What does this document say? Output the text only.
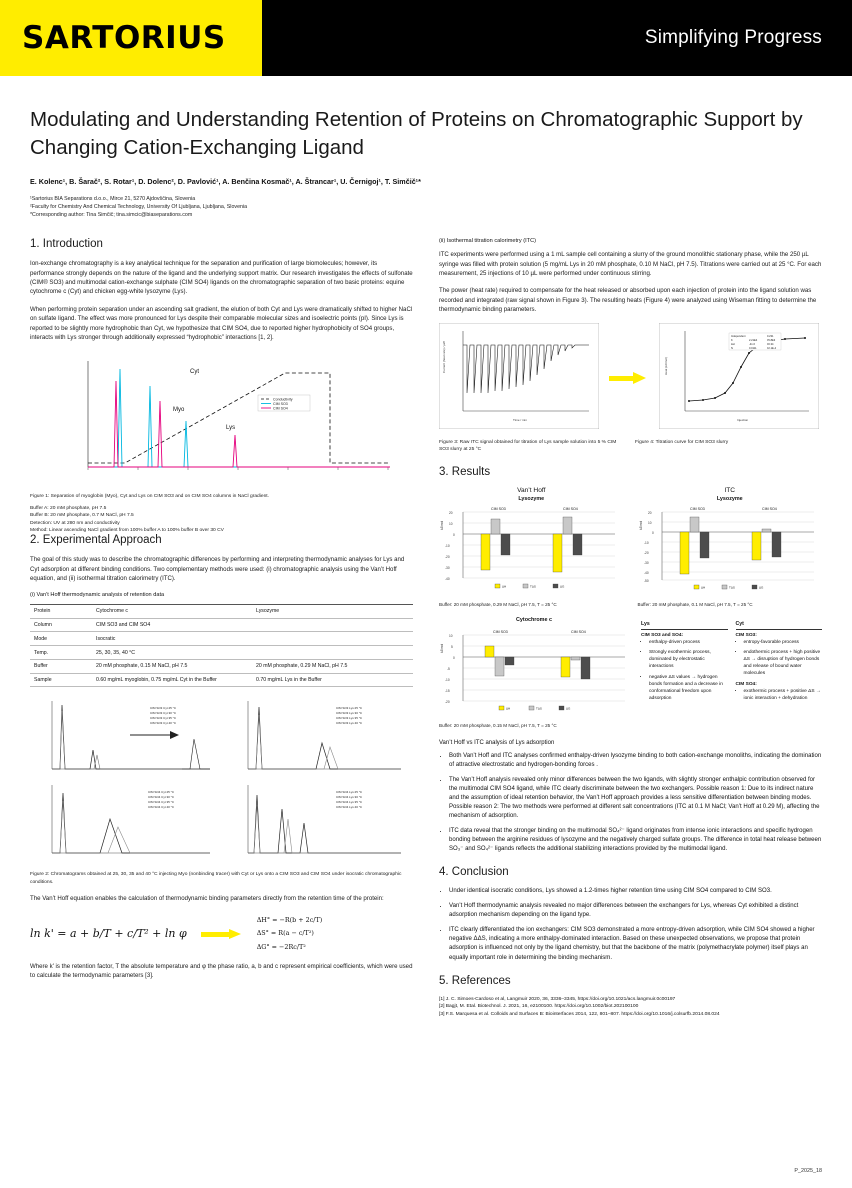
SARTORIUS	Simplifying Progress
Modulating and Understanding Retention of Proteins on Chromatographic Support by Changing Cation-Exchanging Ligand
E. Kolenc¹, B. Šarač², S. Rotar¹, D. Dolenc², D. Pavlović¹, A. Benčina Kosmač¹, A. Štrancar¹, U. Černigoj¹, T. Simčič¹*
¹Sartorius BIA Separations d.o.o., Mirce 21, 5270 Ajdovščina, Slovenia
²Faculty for Chemistry And Chemical Technology, University Of Ljubljana, Ljubljana, Slovenia
*Corresponding author: Tina Simčič; tina.simcic@biaseparations.com
1. Introduction

Ion-exchange chromatography is a key analytical technique for the separation and purification of large biomolecules; however, its performance strongly depends on the nature of the ligand and the underlying support matrix. Our research investigates the effects of sulfonate (CIM® SO3) and multimodal cation-exchange sulphate (CIM SO4) ligands on the chromatographic separation of two basic proteins: equine cytochrome c (Cyt) and chicken egg-white lysozyme (Lys).

When performing protein separation under an ascending salt gradient, the elution of both Cyt and Lys were dramatically shifted to higher NaCl on sulfate ligand. The effect was more pronounced for Lys despite their comparable molecular sizes and isoelectric points (pI). Since Lys is reported to be slightly more hydrophobic than Cyt, we hypothesize that CIM SO4, due to reported higher hydrophobicity of SO4 groups, interacts with Lys stronger through additionally expressed “hydrophobic” interactions [1, 2].

Myo
Cyt
Lys
Conductivity
CIM SO3
CIM SO4
Figure 1: Separation of myoglobin (Myo), Cyt and Lys on CIM SO3 and on CIM SO4 columns in NaCl gradient.
Buffer A: 20 mM phosphate, pH 7.5
Buffer B: 20 mM phosphate, 0.7 M NaCl, pH 7.5
Detection: UV at 280 nm and conductivity
Method: Linear ascending NaCl gradient from 100% buffer A to 100% buffer B over 30 CV
2. Experimental Approach

The goal of this study was to describe the chromatographic differences by performing and interpreting thermodynamic analyses for Lys and Cyt adsorption at different binding conditions. Two complementary methods were used: (i) chromatographic analysis using the Van’t Hoff equation, and (ii) isothermal titration calorimetry (ITC).

(i) Van’t Hoff thermodynamic analysis of retention data
Protein	Cytochrome c	Lysozyme
Column	CIM SO3 and CIM SO4	
Mode	Isocratic	
Temp.	25, 30, 35, 40 °C	
Buffer	20 mM phosphate, 0.15 M NaCl, pH 7.5	20 mM phosphate, 0.29 M NaCl, pH 7.5
Sample	0.60 mg/mL myoglobin, 0.75 mg/mL Cyt in the Buffer	0.70 mg/mL Lys in the Buffer
CIM SO3 Cyt 25 °C
CIM SO3 Cyt 30 °C
CIM SO3 Cyt 35 °C
CIM SO3 Cyt 40 °C
CIM SO3 Lys 25 °C
CIM SO3 Lys 30 °C
CIM SO3 Lys 35 °C
CIM SO3 Lys 40 °C
CIM SO4 Cyt 25 °C
CIM SO4 Cyt 30 °C
CIM SO4 Cyt 35 °C
CIM SO4 Cyt 40 °C
CIM SO4 Lys 25 °C
CIM SO4 Lys 30 °C
CIM SO4 Lys 35 °C
CIM SO4 Lys 40 °C
Figure 2: Chromatograms obtained at 25, 30, 35 and 40 °C injecting Myo (nonbinding tracer) with Cyt or Lys onto a CIM SO3 and CIM SO4 under isocratic chromatographic conditions.

The Van’t Hoff equation enables the calculation of thermodynamic binding parameters directly from the retention time of the protein:

ln k' = a + b/T + c/T² + ln φ
ΔH° = −R(b + 2c/T)
ΔS° = R(a − c/T²)
ΔG° = −2Rc/T²

Where k' is the retention factor, T the absolute temperature and φ the phase ratio, a, b and c represent empirical coefficients, which were used to calculate the termodynamic parameters [3].

(ii) Isothermal titration calorimetry (ITC)

ITC experiments were performed using a 1 mL sample cell containing a slurry of the ground monolithic stationary phase, while the 250 µL syringe was filled with protein solution (5 mg/mL Lys in 20 mM phosphate, 0.10 M NaCl, pH 7.5). Titrations were carried out at 25 °C. For each measurement, 25 injections of 10 µL were performed under continuous stirring.

The power (heat rate) required to compensate for the heat released or absorbed upon each injection of protein into the ligand solution was recorded and integrated (raw signal shown in Figure 3). The resulting heats (Figure 4) were analyzed using Wiseman fitting to determine the thermodynamic binding parameters.

Current (heat rate) / µW
Time / min
Independent	0.231
K	2.21E4	±5.8E3
ΔH	-41.6	±0.34
N	0.0111	±2.1E-4
Heat (kJ/mol)
Injection
Figure 3: Raw ITC signal obtained for titration of Lys sample solution into 5 % CIM SO3 slurry at 25 °C
Figure 4: Titration curve for CIM SO3 slurry
3. Results
Van’t Hoff
Lysozyme
20
10
0
-10
-20
-30
-40
kJ/mol
CIM SO3	CIM SO4
ΔH	TΔS	ΔG
Buffer: 20 mM phosphate, 0.29 M NaCl, pH 7.5, T = 25 °C
ITC
Lysozyme
20
10
0
-10
-20
-30
-40
-50
kJ/mol
CIM SO3	CIM SO4
ΔH	TΔS	ΔG
Buffer: 20 mM phosphate, 0.1 M NaCl, pH 7.5, T = 25 °C
Cytochrome c
10
5
0
-5
-10
-15
-20
kJ/mol
CIM SO3	CIM SO4
ΔH	TΔS	ΔG
Buffer: 20 mM phosphate, 0.15 M NaCl, pH 7.5, T = 25 °C
Lys
CIM SO3 and SO4:
• enthalpy-driven process
• Strongly exothermic process, dominated by electrostatic interactions
• negative ΔS values → hydrogen bonds formation and a decrease in conformational freedom upon adsorption
Cyt
CIM SO3:
• entropy-favorable process
• endothermic process + high positive ΔS → disruption of hydrogen bonds and release of bound water molecules
CIM SO4:
• exothermic process + positive ΔS → ionic interaction + dehydration
Van’t Hoff vs ITC analysis of Lys adsorption
• Both Van’t Hoff and ITC analyses confirmed enthalpy-driven lysozyme binding to both cation-exchange monoliths, indicating the domination of attractive electrostatic and hydrogen-bonding forces .
• The Van’t Hoff analysis revealed only minor differences between the two ligands, with slightly stronger enthalpic contribution observed for the multimodal CIM SO4 ligand, while ITC clearly discriminate between the two exchangers. Possible reason 1: Due to its indirect nature and the assumption of ideal retention behavior, the Van’t Hoff approach provides a less sensitive differentiation between binding modes. Possible reason 2: The two methods were performed at different salt concentrations (ITC at 0.1 M NaCl; Van’t Hoff at 0.29 M), affecting the mechanism of adsorption.
• ITC data reveal that the stronger binding on the multimodal SO₄²⁻ ligand originates from intense ionic interactions and specific hydrogen bonding between the arginine residues of lysozyme and the negatively charged sulfate groups. The difference in total heat release between SO₃⁻ and SO₄²⁻ ligands reflects the additional stabilizing interactions provided by the multimodal ligand.
4. Conclusion
• Under identical isocratic conditions, Lys showed a 1.2-times higher retention time using CIM SO4 compared to CIM SO3.
• Van’t Hoff thermodynamic analysis revealed no major differences between the exchangers for Lys, whereas Cyt exhibited a distinct adsorption mechanism depending on the ligand type.
• ITC clearly differentiated the ion exchangers: CIM SO3 demonstrated a more entropy-driven adsorption, while CIM SO4 showed a higher negative ΔΔS, indicating a more enthalpy-dominated interaction. Based on these unexpected observations, we propose that protein adsorption is influenced not only by the ligand chemistry, but that the backbone of the matrix (polymethacrylate polymer) itself plays an equally important role in determining the binding mechanism.
5. References
[1] J. C. Simoes-Cardoso et al, Langmuir 2020, 36, 3336–3345, https://doi.org/10.1021/acs.langmuir.0c00197
[2] Bagjt, M. Etal. Biotechnol. J. 2021, 16, e2100100. https://doi.org/10.1002/biot.202100100
[3] F.S. Marquesa et al. Colloids and Surfaces B: Biointerfaces 2014, 122, 801–807. https://doi.org/10.1016/j.colsurfb.2014.08.024
P_2025_18
